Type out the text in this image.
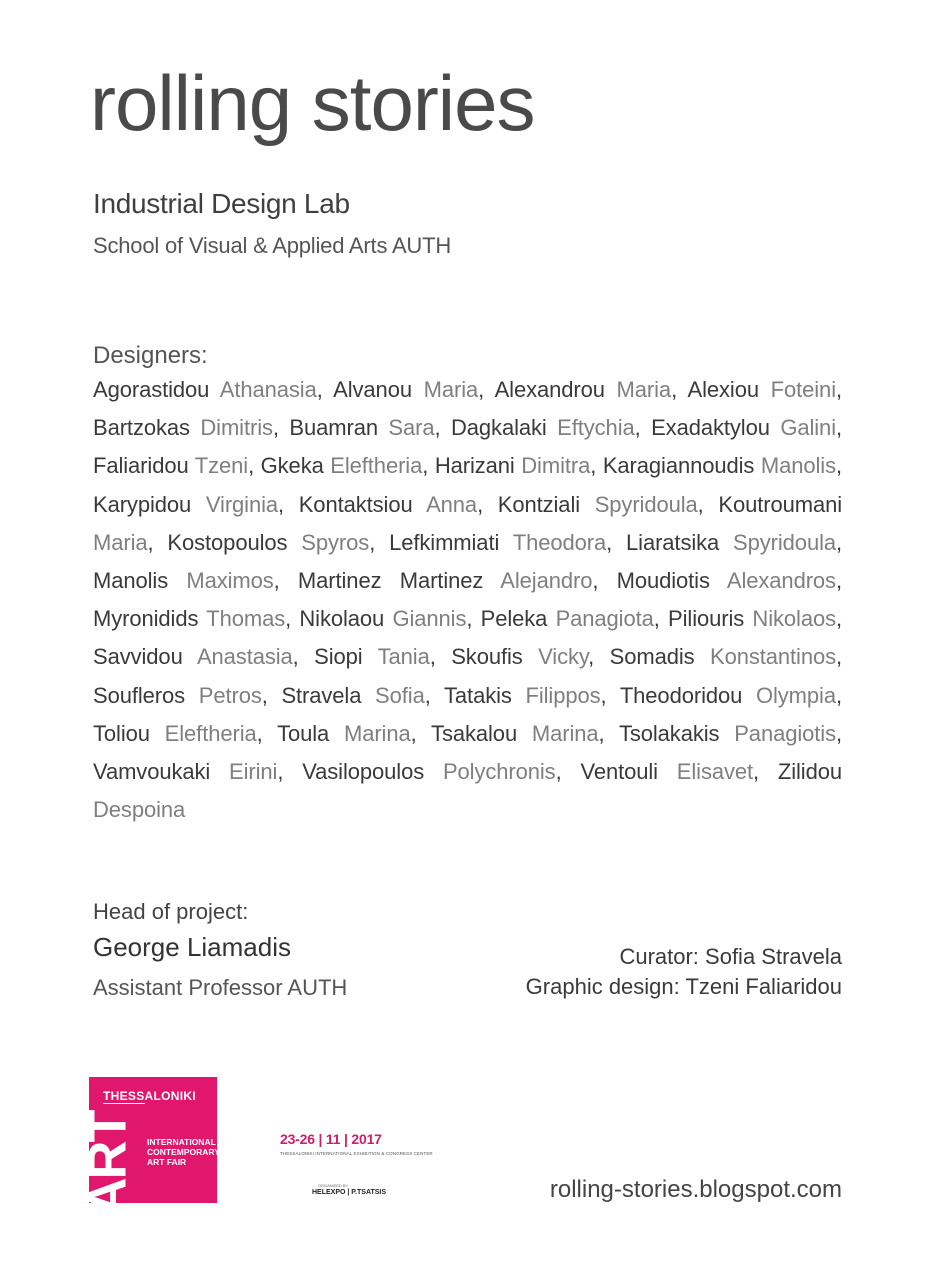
rolling stories
Industrial Design Lab
School of Visual & Applied Arts AUTH
Designers:
Agorastidou Athanasia, Alvanou Maria, Alexandrou Maria, Alexiou Foteini, Bartzokas Dimitris, Buamran Sara, Dagkalaki Eftychia, Exadaktylou Galini, Faliaridou Tzeni, Gkeka Eleftheria, Harizani Dimitra, Karagiannoudis Manolis, Karypidou Virginia, Kontaktsiou Anna, Kontziali Spyridoula, Koutroumani Maria, Kostopoulos Spyros, Lefkimmiati Theodora, Liaratsika Spyridoula, Manolis Maximos, Martinez Martinez Alejandro, Moudiotis Alexandros, Myronidids Thomas, Nikolaou Giannis, Peleka Panagiota, Piliouris Nikolaos, Savvidou Anastasia, Siopi Tania, Skoufis Vicky, Somadis Konstantinos, Soufleros Petros, Stravela Sofia, Tatakis Filippos, Theodoridou Olympia, Toliou Eleftheria, Toula Marina, Tsakalou Marina, Tsolakakis Panagiotis, Vamvoukaki Eirini, Vasilopoulos Polychronis, Ventouli Elisavet, Zilidou Despoina
Head of project:
George Liamadis
Assistant Professor AUTH
Curator: Sofia Stravela
Graphic design: Tzeni Faliaridou
THESSALONIKI
INTERNATIONAL
CONTEMPORARY
ART FAIR
ART	23-26 | 11 | 2017
THESSALONIKI INTERNATIONAL EXHIBITION & CONGRESS CENTER
ORGANIZED BY
HELEXPO | P.TSATSIS	rolling-stories.blogspot.com
